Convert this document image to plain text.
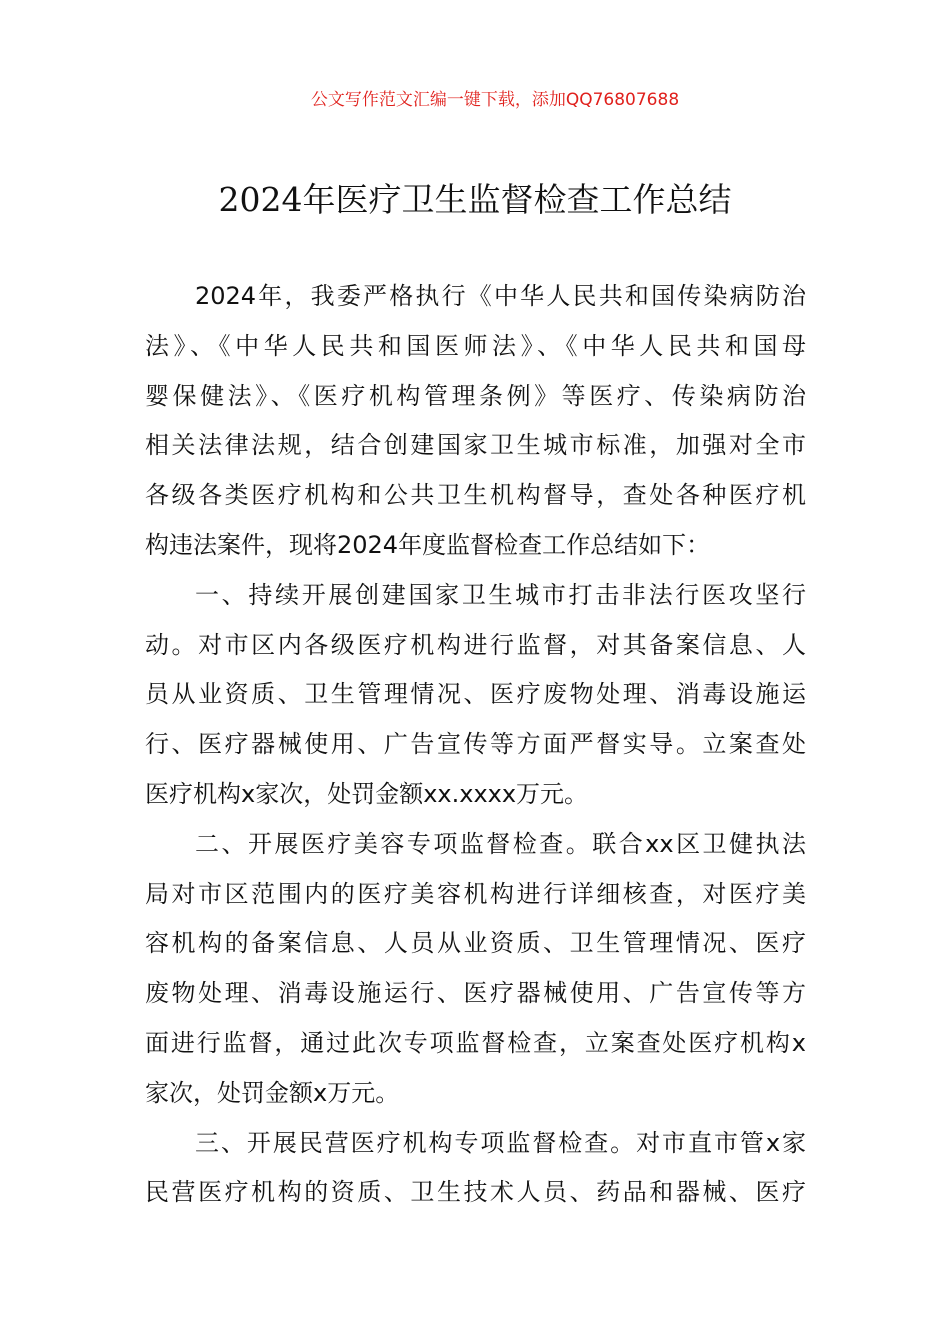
公文写作范文汇编一键下载，添加QQ76807688
2024年医疗卫生监督检查工作总结
2024年，我委严格执行《中华人民共和国传染病防治
法》、《中华人民共和国医师法》、《中华人民共和国母
婴保健法》、《医疗机构管理条例》等医疗、传染病防治
相关法律法规，结合创建国家卫生城市标准，加强对全市
各级各类医疗机构和公共卫生机构督导，查处各种医疗机
构违法案件，现将2024年度监督检查工作总结如下：
一、持续开展创建国家卫生城市打击非法行医攻坚行
动。对市区内各级医疗机构进行监督，对其备案信息、人
员从业资质、卫生管理情况、医疗废物处理、消毒设施运
行、医疗器械使用、广告宣传等方面严督实导。立案查处
医疗机构x家次，处罚金额xx.xxxx万元。
二、开展医疗美容专项监督检查。联合xx区卫健执法
局对市区范围内的医疗美容机构进行详细核查，对医疗美
容机构的备案信息、人员从业资质、卫生管理情况、医疗
废物处理、消毒设施运行、医疗器械使用、广告宣传等方
面进行监督，通过此次专项监督检查，立案查处医疗机构x
家次，处罚金额x万元。
三、开展民营医疗机构专项监督检查。对市直市管x家
民营医疗机构的资质、卫生技术人员、药品和器械、医疗
